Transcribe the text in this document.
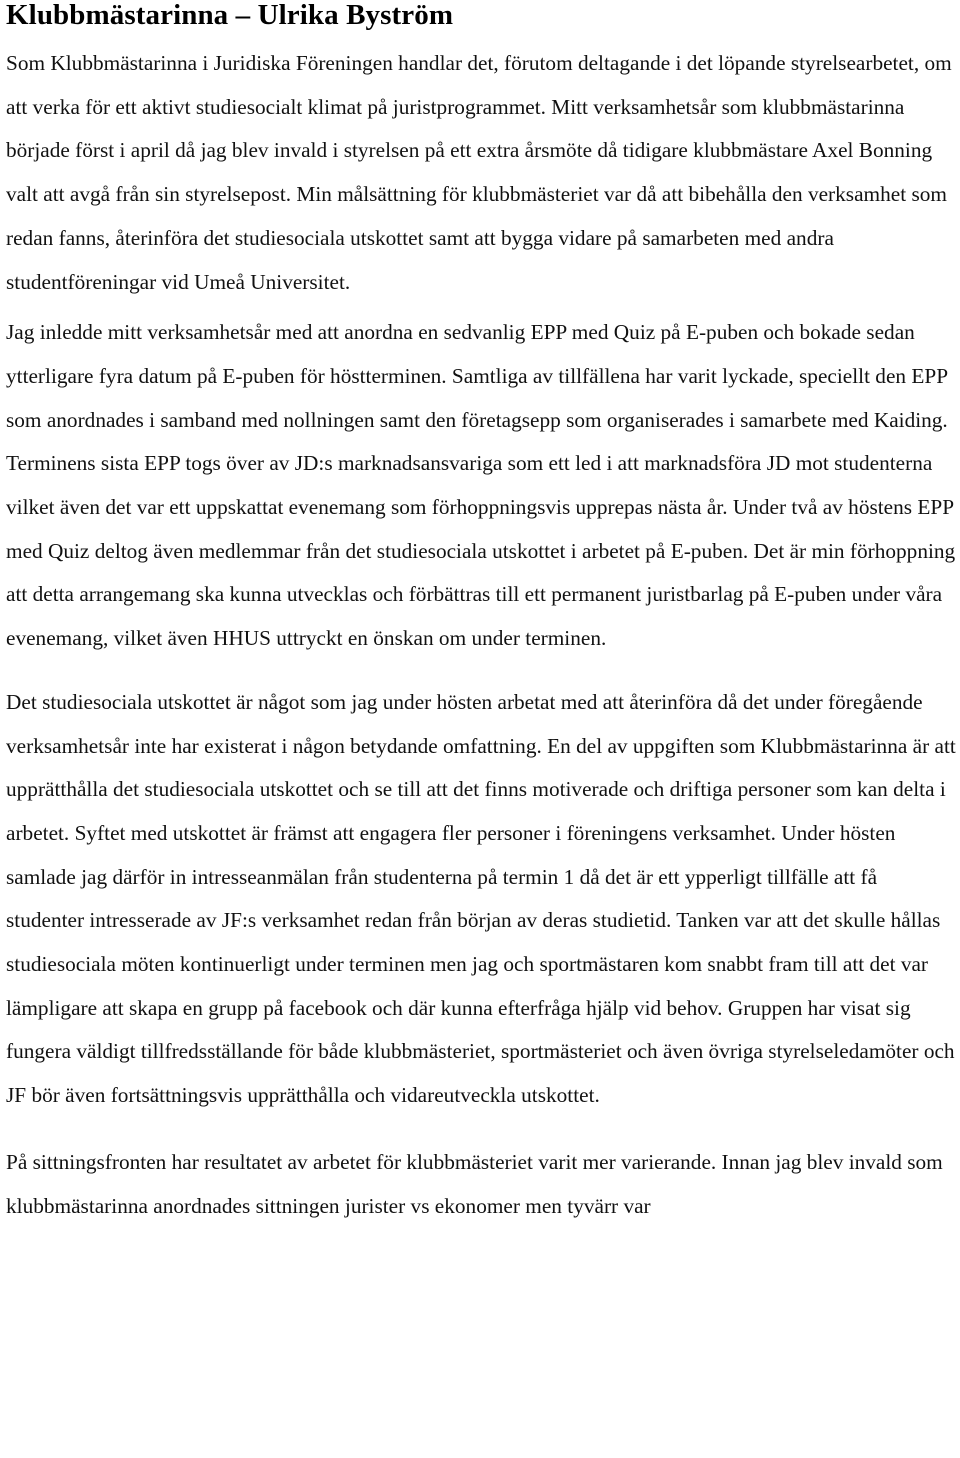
Klubbmästarinna – Ulrika Byström

Som Klubbmästarinna i Juridiska Föreningen handlar det, förutom deltagande i det löpande styrelsearbetet, om att verka för ett aktivt studiesocialt klimat på juristprogrammet. Mitt verksamhetsår som klubbmästarinna började först i april då jag blev invald i styrelsen på ett extra årsmöte då tidigare klubbmästare Axel Bonning valt att avgå från sin styrelsepost. Min målsättning för klubbmästeriet var då att bibehålla den verksamhet som redan fanns, återinföra det studiesociala utskottet samt att bygga vidare på samarbeten med andra studentföreningar vid Umeå Universitet.

Jag inledde mitt verksamhetsår med att anordna en sedvanlig EPP med Quiz på E-puben och bokade sedan ytterligare fyra datum på E-puben för höstterminen. Samtliga av tillfällena har varit lyckade, speciellt den EPP som anordnades i samband med nollningen samt den företagsepp som organiserades i samarbete med Kaiding. Terminens sista EPP togs över av JD:s marknadsansvariga som ett led i att marknadsföra JD mot studenterna vilket även det var ett uppskattat evenemang som förhoppningsvis upprepas nästa år. Under två av höstens EPP med Quiz deltog även medlemmar från det studiesociala utskottet i arbetet på E-puben. Det är min förhoppning att detta arrangemang ska kunna utvecklas och förbättras till ett permanent juristbarlag på E-puben under våra evenemang, vilket även HHUS uttryckt en önskan om under terminen.

Det studiesociala utskottet är något som jag under hösten arbetat med att återinföra då det under föregående verksamhetsår inte har existerat i någon betydande omfattning. En del av uppgiften som Klubbmästarinna är att upprätthålla det studiesociala utskottet och se till att det finns motiverade och driftiga personer som kan delta i arbetet. Syftet med utskottet är främst att engagera fler personer i föreningens verksamhet. Under hösten samlade jag därför in intresseanmälan från studenterna på termin 1 då det är ett ypperligt tillfälle att få studenter intresserade av JF:s verksamhet redan från början av deras studietid. Tanken var att det skulle hållas studiesociala möten kontinuerligt under terminen men jag och sportmästaren kom snabbt fram till att det var lämpligare att skapa en grupp på facebook och där kunna efterfråga hjälp vid behov. Gruppen har visat sig fungera väldigt tillfredsställande för både klubbmästeriet, sportmästeriet och även övriga styrelseledamöter och JF bör även fortsättningsvis upprätthålla och vidareutveckla utskottet.

På sittningsfronten har resultatet av arbetet för klubbmästeriet varit mer varierande. Innan jag blev invald som klubbmästarinna anordnades sittningen jurister vs ekonomer men tyvärr var
